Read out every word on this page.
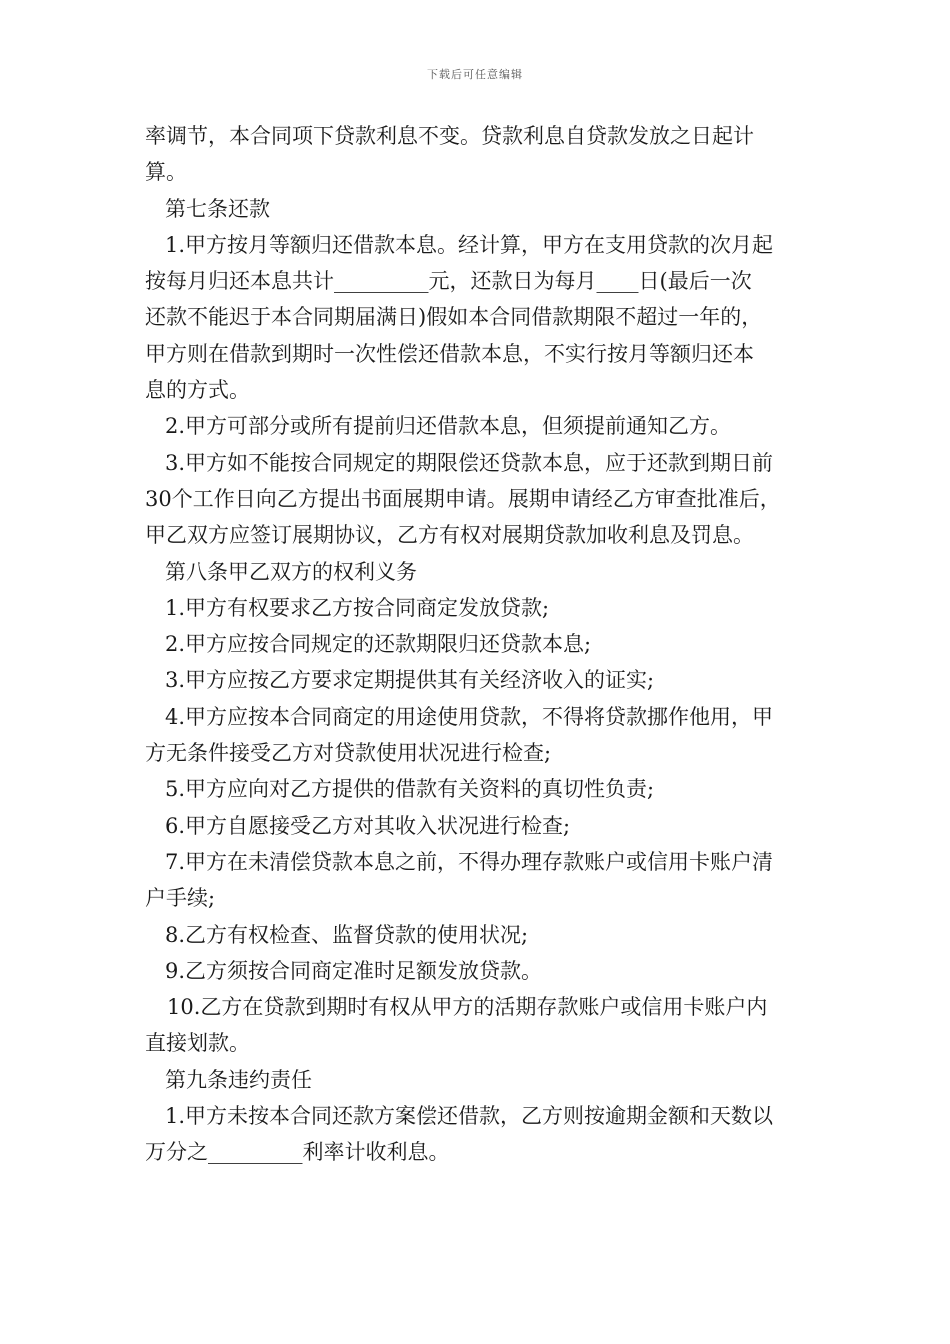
下载后可任意编辑
率调节，本合同项下贷款利息不变。贷款利息自贷款发放之日起计
算。
第七条还款
1.甲方按月等额归还借款本息。经计算，甲方在支用贷款的次月起
按每月归还本息共计_________元，还款日为每月____日(最后一次
还款不能迟于本合同期届满日)假如本合同借款期限不超过一年的，
甲方则在借款到期时一次性偿还借款本息，不实行按月等额归还本
息的方式。
2.甲方可部分或所有提前归还借款本息，但须提前通知乙方。
3.甲方如不能按合同规定的期限偿还贷款本息，应于还款到期日前
30个工作日向乙方提出书面展期申请。展期申请经乙方审查批准后，
甲乙双方应签订展期协议，乙方有权对展期贷款加收利息及罚息。
第八条甲乙双方的权利义务
1.甲方有权要求乙方按合同商定发放贷款;
2.甲方应按合同规定的还款期限归还贷款本息;
3.甲方应按乙方要求定期提供其有关经济收入的证实;
4.甲方应按本合同商定的用途使用贷款，不得将贷款挪作他用，甲
方无条件接受乙方对贷款使用状况进行检查;
5.甲方应向对乙方提供的借款有关资料的真切性负责;
6.甲方自愿接受乙方对其收入状况进行检查;
7.甲方在未清偿贷款本息之前，不得办理存款账户或信用卡账户清
户手续;
8.乙方有权检查、监督贷款的使用状况;
9.乙方须按合同商定准时足额发放贷款。
10.乙方在贷款到期时有权从甲方的活期存款账户或信用卡账户内
直接划款。
第九条违约责任
1.甲方未按本合同还款方案偿还借款，乙方则按逾期金额和天数以
万分之_________利率计收利息。
